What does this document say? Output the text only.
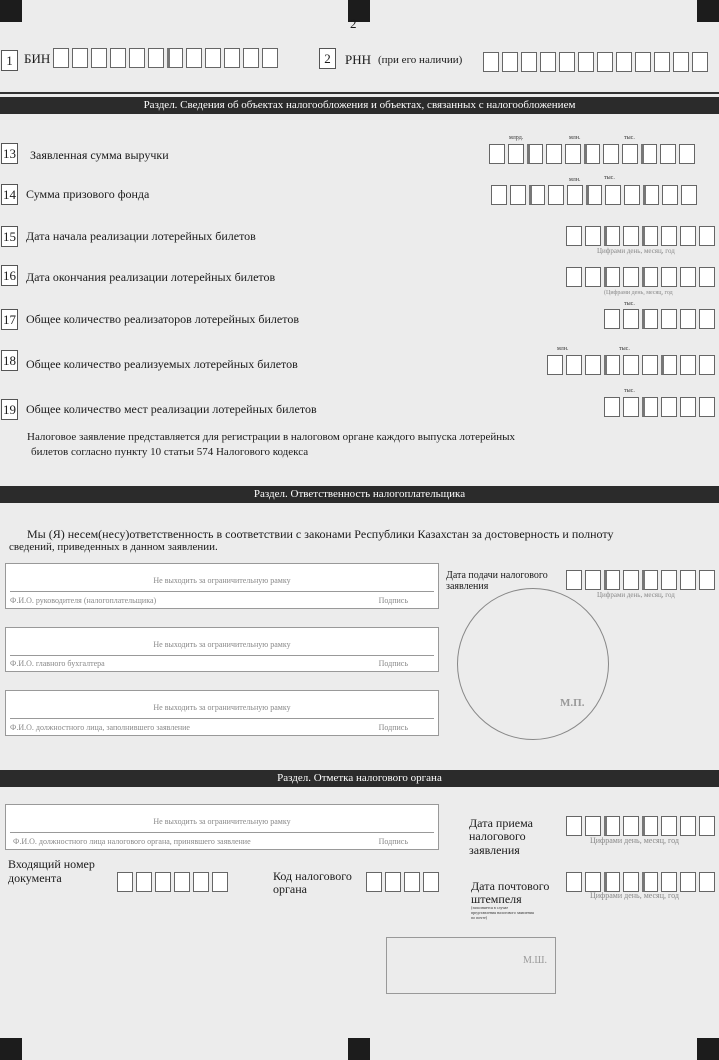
2
1 БИН	2	РНН (при его наличии)
Раздел. Сведения об объектах налогообложения и объектах, связанных с налогообложением
13 Заявленная сумма выручки
млрд.	млн.	тыс.
14 Сумма призового фонда
млн.	тыс.
15 Дата начала реализации лотерейных билетов
Цифрами день, месяц, год
16 Дата окончания реализации лотерейных билетов
(Цифрами день, месяц, год
17 Общее количество реализаторов лотерейных билетов
тыс.
18 Общее количество реализуемых лотерейных билетов
млн.	тыс.
19 Общее количество мест реализации лотерейных билетов
тыс.
Налоговое заявление представляется для регистрации в налоговом органе каждого выпуска лотерейных
билетов согласно пункту 10 статьи 574 Налогового кодекса
Раздел. Ответственность налогоплательщика
Мы (Я) несем(несу)ответственность в соответствии с законами Республики Казахстан за достоверность и полноту
сведений, приведенных в данном заявлении.
Не выходить за ограничительную рамку
Ф.И.О. руководителя (налогоплательщика)	Подпись
Не выходить за ограничительную рамку
Ф.И.О. главного бухгалтера	Подпись
Не выходить за ограничительную рамку
Ф.И.О. должностного лица, заполнившего заявление	Подпись
Дата подачи налогового
заявления
Цифрами день, месяц, год
М.П.
Раздел. Отметка налогового органа
Не выходить за ограничительную рамку
Ф.И.О. должностного лица налогового органа, принявшего заявление	Подпись
Дата приема
налогового
заявления
Цифрами день, месяц, год
Входящий номер
документа	Код налогового
органа	Дата почтового
штемпеля
(заполняется в случае
представления налогового заявления
по почте)
Цифрами день, месяц, год
М.Ш.
